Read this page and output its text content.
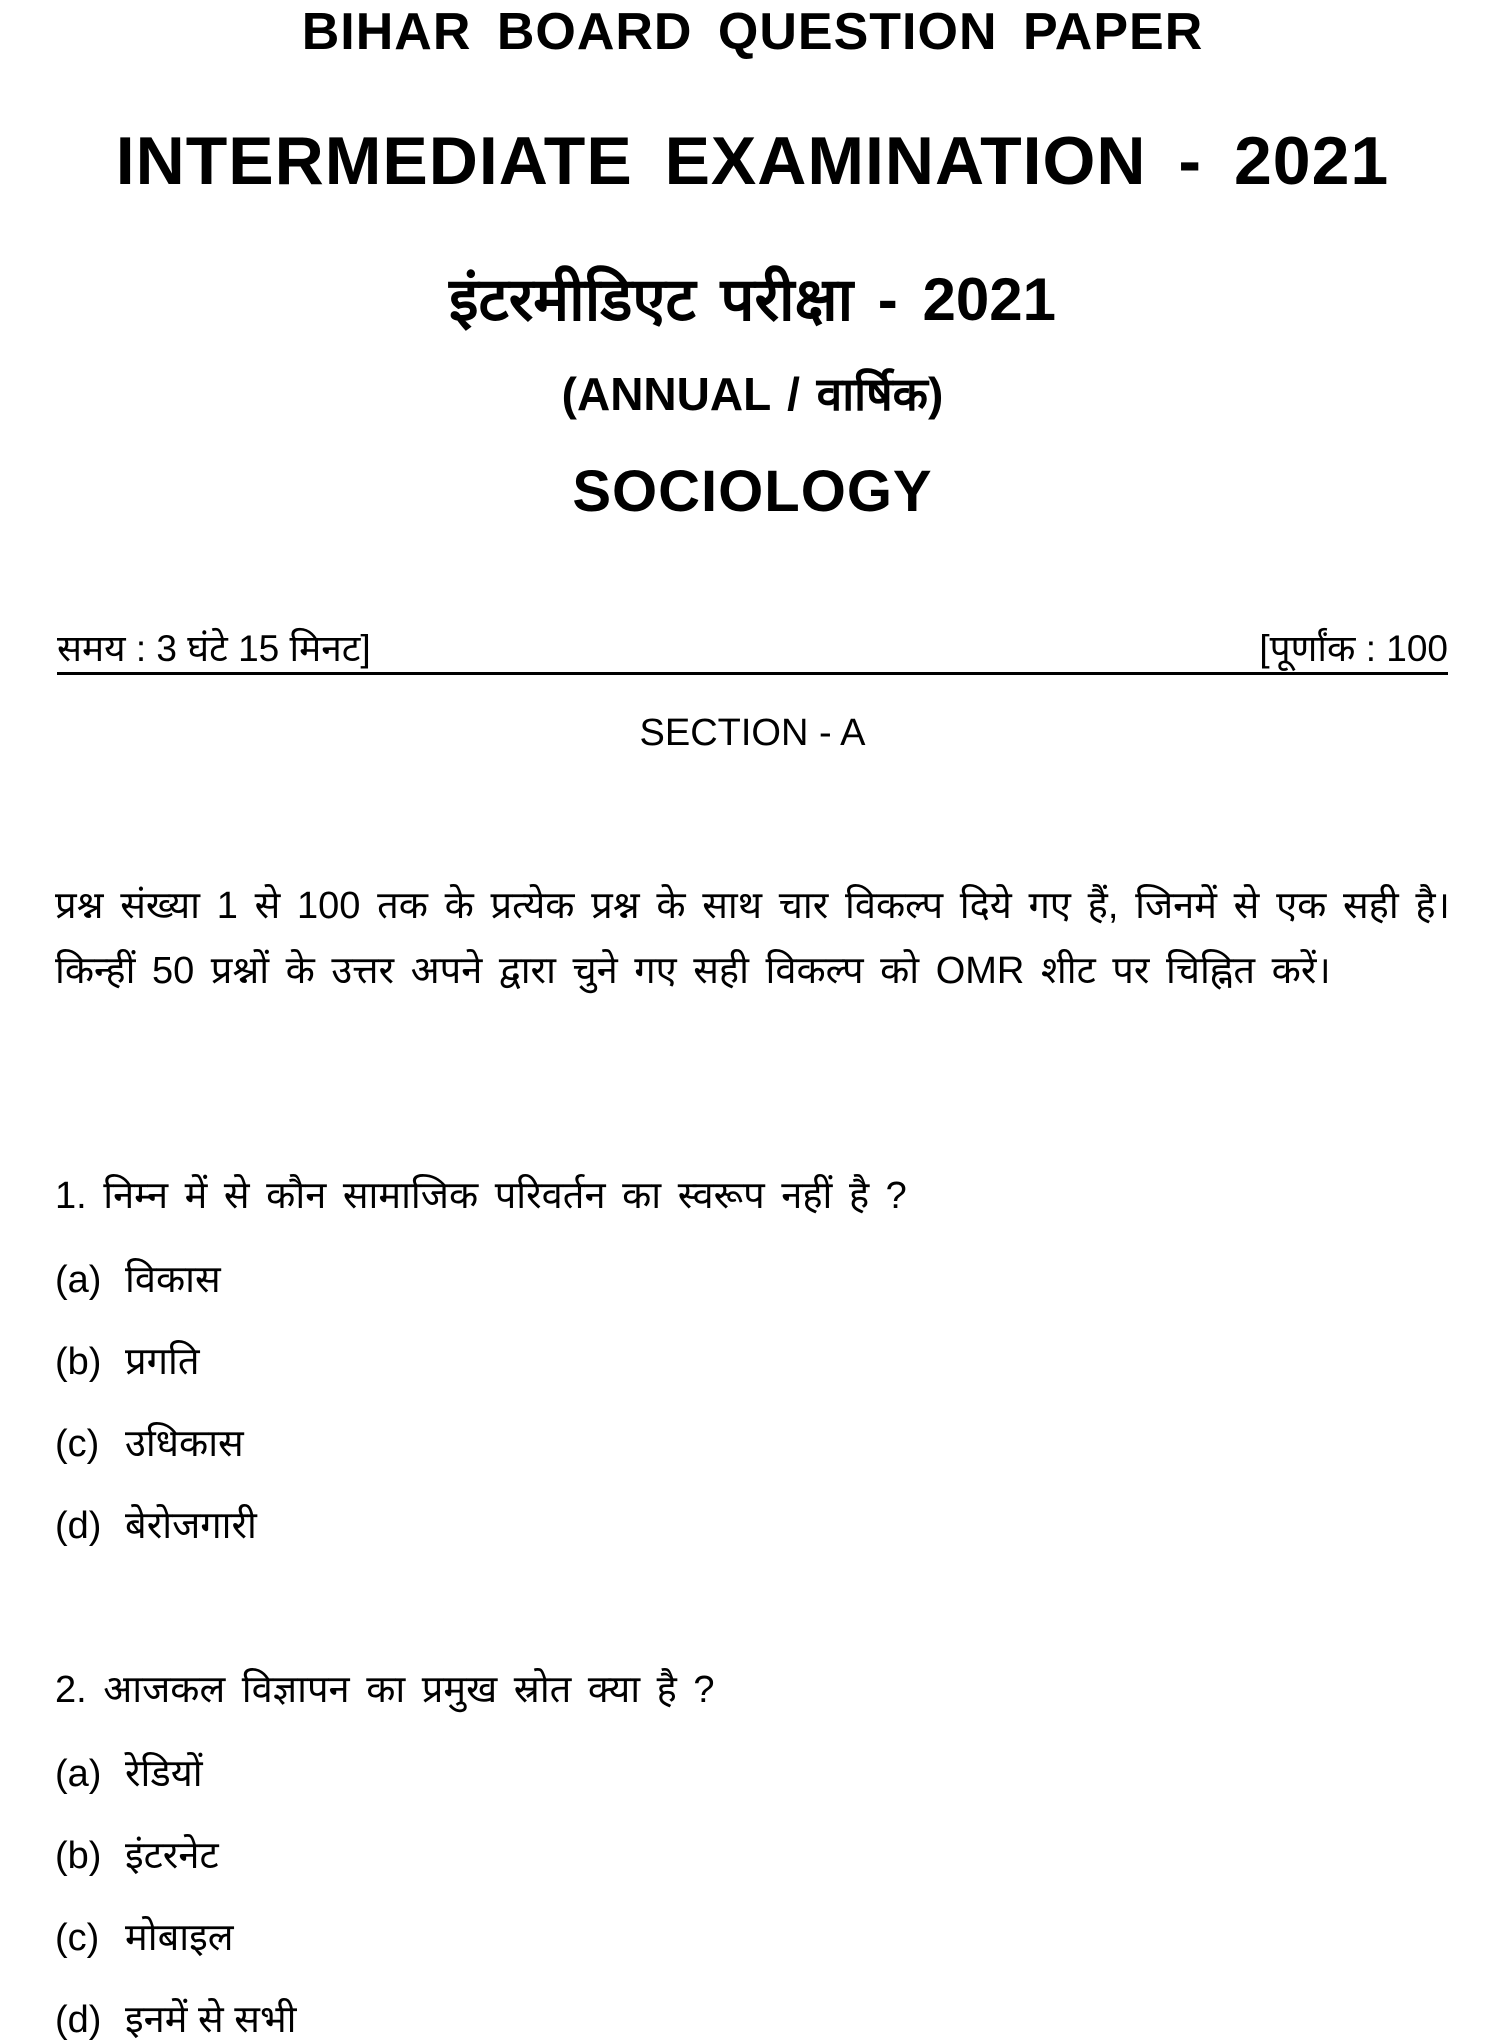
BIHAR BOARD QUESTION PAPER
INTERMEDIATE EXAMINATION - 2021
इंटरमीडिएट परीक्षा - 2021
(ANNUAL / वार्षिक)
SOCIOLOGY
समय : 3 घंटे 15 मिनट]	[पूर्णांक : 100
SECTION - A
प्रश्न संख्या 1 से 100 तक के प्रत्येक प्रश्न के साथ चार विकल्प दिये गए हैं, जिनमें से एक सही है। किन्हीं 50 प्रश्नों के उत्तर अपने द्वारा चुने गए सही विकल्प को OMR शीट पर चिह्नित करें।
1. निम्न में से कौन सामाजिक परिवर्तन का स्वरूप नहीं है ?
(a) विकास
(b) प्रगति
(c) उधिकास
(d) बेरोजगारी
2. आजकल विज्ञापन का प्रमुख स्रोत क्या है ?
(a) रेडियों
(b) इंटरनेट
(c) मोबाइल
(d) इनमें से सभी
